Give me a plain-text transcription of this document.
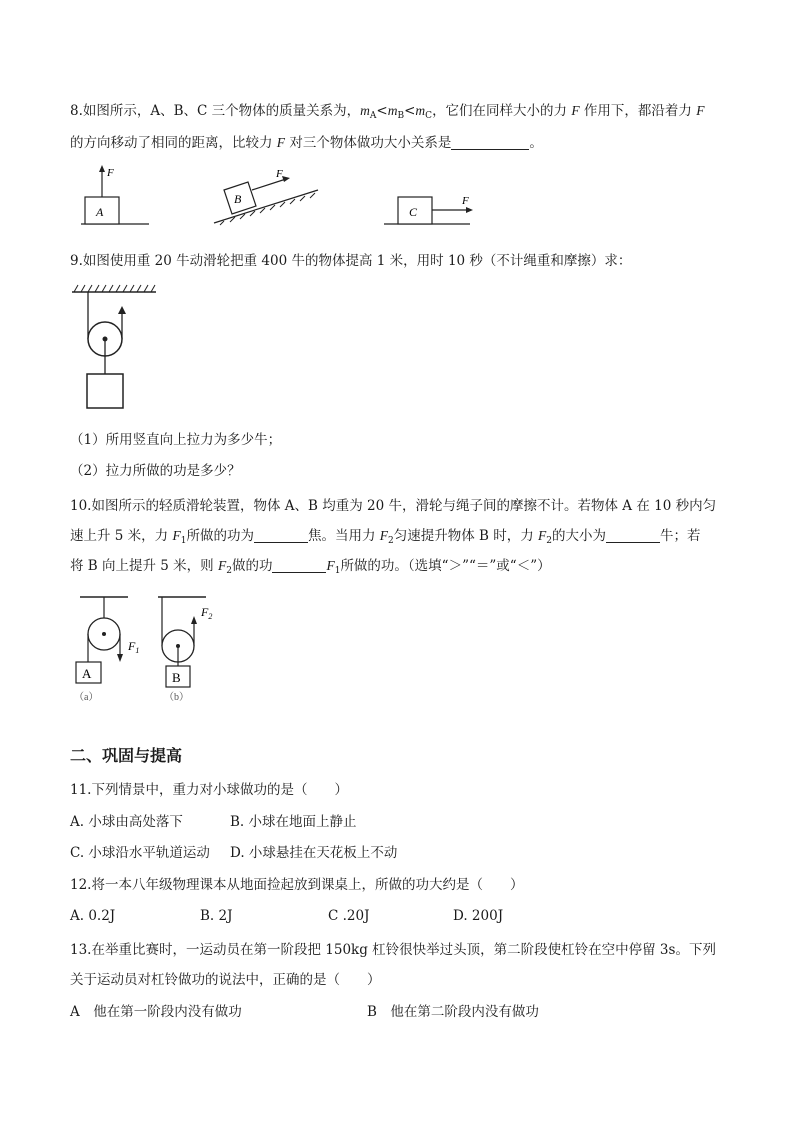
8.如图所示，A、B、C 三个物体的质量关系为，$m_A<m_B<m_C$，它们在同样大小的力 F 作用下，都沿着力 F
的方向移动了相同的距离，比较力 F 对三个物体做功大小关系是	。
A
F
B
F
C
F
9.如图使用重 20 牛动滑轮把重 400 牛的物体提高 1 米，用时 10 秒（不计绳重和摩擦）求：
（1）所用竖直向上拉力为多少牛；
（2）拉力所做的功是多少？
10.如图所示的轻质滑轮装置，物体 A、B 均重为 20 牛，滑轮与绳子间的摩擦不计。若物体 A 在 10 秒内匀
速上升 5 米，力 $F_1$所做的功为	焦。当用力 $F_2$匀速提升物体 B 时，力 $F_2$的大小为	牛；若
将 B 向上提升 5 米，则 $F_2$做的功	$F_1$所做的功。（选填“＞”“＝”或“＜”）
$F_1$
A
（a）
$F_2$
B
（b）
二、巩固与提高
11.下列情景中，重力对小球做功的是（　　）
A. 小球由高处落下	B. 小球在地面上静止
C. 小球沿水平轨道运动 D. 小球悬挂在天花板上不动
12.将一本八年级物理课本从地面捡起放到课桌上，所做的功大约是（　　）
A. 0.2J	B. 2J	C .20J	D. 200J
13.在举重比赛时，一运动员在第一阶段把 150kg 杠铃很快举过头顶，第二阶段使杠铃在空中停留 3s。下列
关于运动员对杠铃做功的说法中，正确的是（　　）
A　他在第一阶段内没有做功	B　他在第二阶段内没有做功
